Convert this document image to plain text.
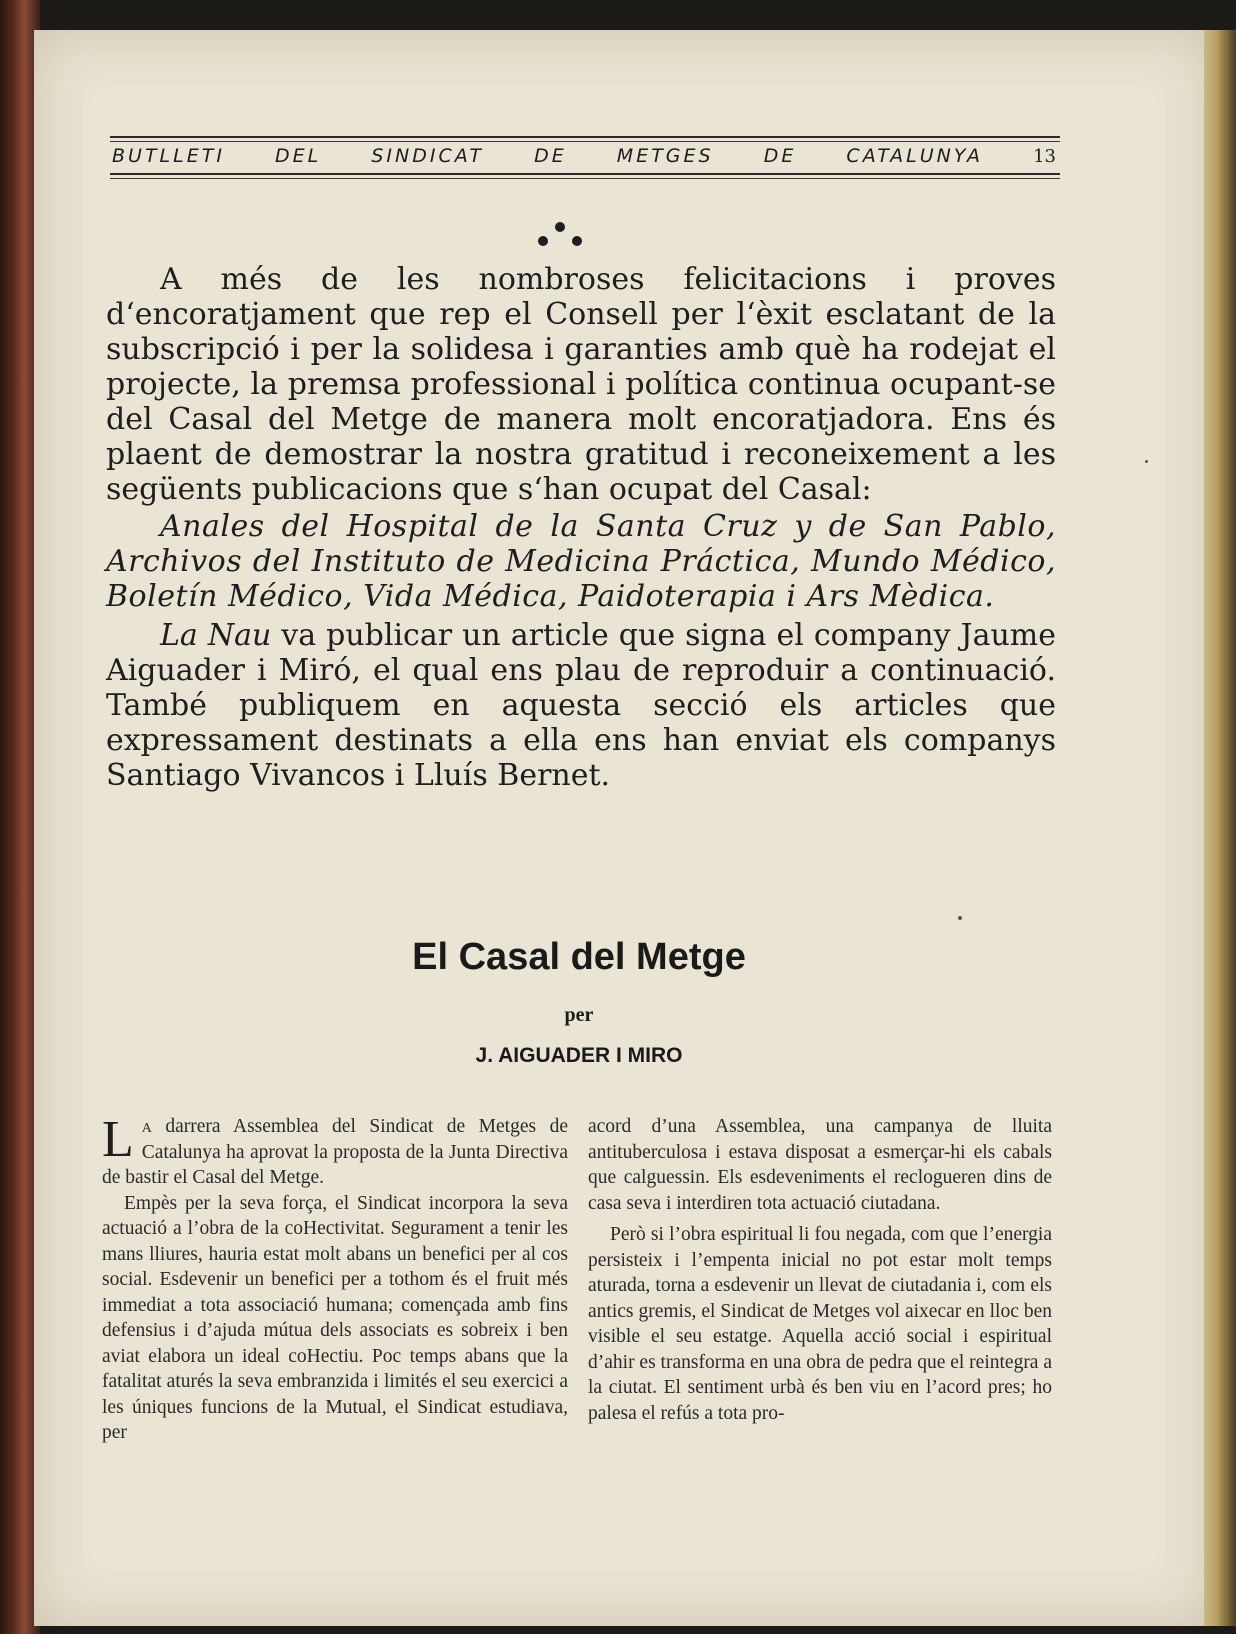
BUTLLETI	DEL	SINDICAT	DE	METGES	DE	CATALUNYA	13

A més de les nombroses felicitacions i proves d‘encoratjament que rep el Consell per l‘èxit esclatant de la subscripció i per la solidesa i garanties amb què ha rodejat el projecte, la premsa professional i política continua ocupant-se del Casal del Metge de manera molt encoratjadora. Ens és plaent de demostrar la nostra gratitud i reconeixement a les següents publicacions que s‘han ocupat del Casal:

Anales del Hospital de la Santa Cruz y de San Pablo, Archivos del Instituto de Medicina Práctica, Mundo Médico, Boletín Médico, Vida Médica, Paidoterapia i Ars Mèdica.

La Nau va publicar un article que signa el company Jaume Aiguader i Miró, el qual ens plau de reproduir a continuació. També publiquem en aquesta secció els articles que expressament destinats a ella ens han enviat els companys Santiago Vivancos i Lluís Bernet.

El Casal del Metge
per
J. AIGUADER I MIRO

La darrera Assemblea del Sindicat de Metges de Catalunya ha aprovat la proposta de la Junta Directiva de bastir el Casal del Metge.

Empès per la seva força, el Sindicat incorpora la seva actuació a l’obra de la coHectivitat. Segurament a tenir les mans lliures, hauria estat molt abans un benefici per al cos social. Esdevenir un benefici per a tothom és el fruit més immediat a tota associació humana; començada amb fins defensius i d’ajuda mútua dels associats es sobreix i ben aviat elabora un ideal coHectiu. Poc temps abans que la fatalitat aturés la seva embranzida i limités el seu exercici a les úniques funcions de la Mutual, el Sindicat estudiava, per

acord d’una Assemblea, una campanya de lluita antituberculosa i estava disposat a esmerçar-hi els cabals que calguessin. Els esdeveniments el reclogueren dins de casa seva i interdiren tota actuació ciutadana.

Però si l’obra espiritual li fou negada, com que l’energia persisteix i l’empenta inicial no pot estar molt temps aturada, torna a esdevenir un llevat de ciutadania i, com els antics gremis, el Sindicat de Metges vol aixecar en lloc ben visible el seu estatge. Aquella acció social i espiritual d’ahir es transforma en una obra de pedra que el reintegra a la ciutat. El sentiment urbà és ben viu en l’acord pres; ho palesa el refús a tota pro-
